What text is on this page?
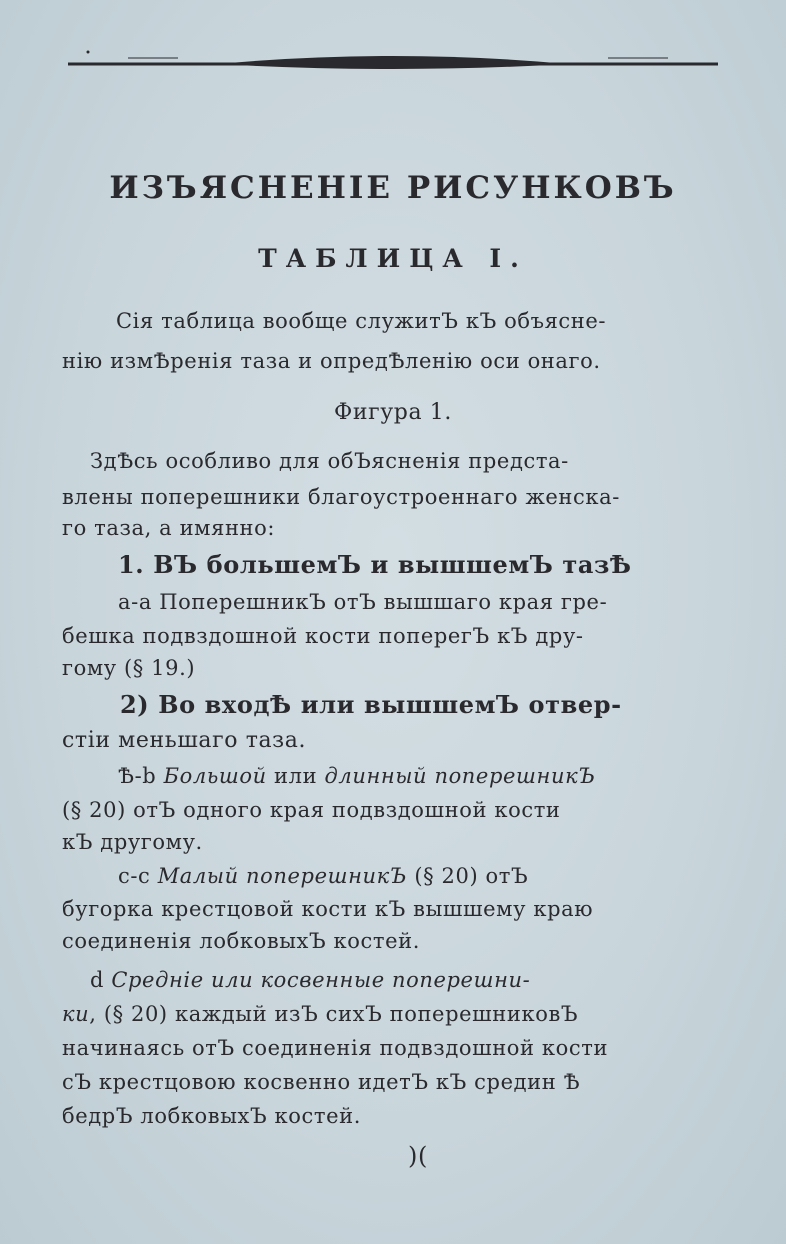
ИЗЪЯСНЕНІЕ РИСУНКОВЪ
ТАБЛИЦА I.

Сія таблица вообще служитЪ кЪ объясне-

нію измѢренія таза и опредѢленію оси онаго.

Фигура 1.

ЗдѢсь особливо для обЪясненія предста-

влены поперешники благоустроеннаго женска-

го таза, а имянно:

1. ВЪ большемЪ и вышшемЪ тазѢ

а-а ПоперешникЪ отЪ вышшаго края гре-

бешка подвздошной кости поперегЪ кЪ дру-

гому (§ 19.)

2) Во входѢ или вышшемЪ отвер-

стіи меньшаго таза.

Ѣ-b Большой или длинный поперешникЪ

(§ 20) отЪ одного края подвздошной кости

кЪ другому.

с-с Малый поперешникЪ (§ 20) отЪ

бугорка крестцовой кости кЪ вышшему краю

соединенія лобковыхЪ костей.

d Средніе или косвенные поперешни-

ки, (§ 20) каждый изЪ сихЪ поперешниковЪ

начинаясь отЪ соединенія подвздошной кости

сЪ крестцовою косвенно идетЪ кЪ средин Ѣ

бедрЪ лобковыхЪ костей.

)(
